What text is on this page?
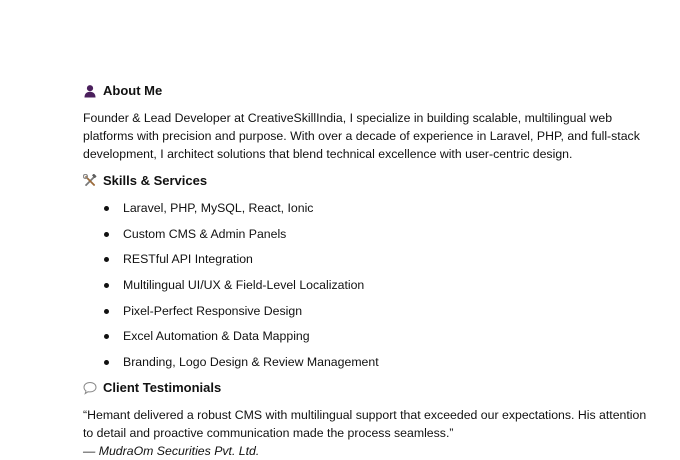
About Me

Founder & Lead Developer at CreativeSkillIndia, I specialize in building scalable, multilingual web platforms with precision and purpose. With over a decade of experience in Laravel, PHP, and full-stack development, I architect solutions that blend technical excellence with user-centric design.

Skills & Services
Laravel, PHP, MySQL, React, Ionic
Custom CMS & Admin Panels
RESTful API Integration
Multilingual UI/UX & Field-Level Localization
Pixel-Perfect Responsive Design
Excel Automation & Data Mapping
Branding, Logo Design & Review Management
Client Testimonials

“Hemant delivered a robust CMS with multilingual support that exceeded our expectations. His attention to detail and proactive communication made the process seamless.”
— MudraOm Securities Pvt. Ltd.
